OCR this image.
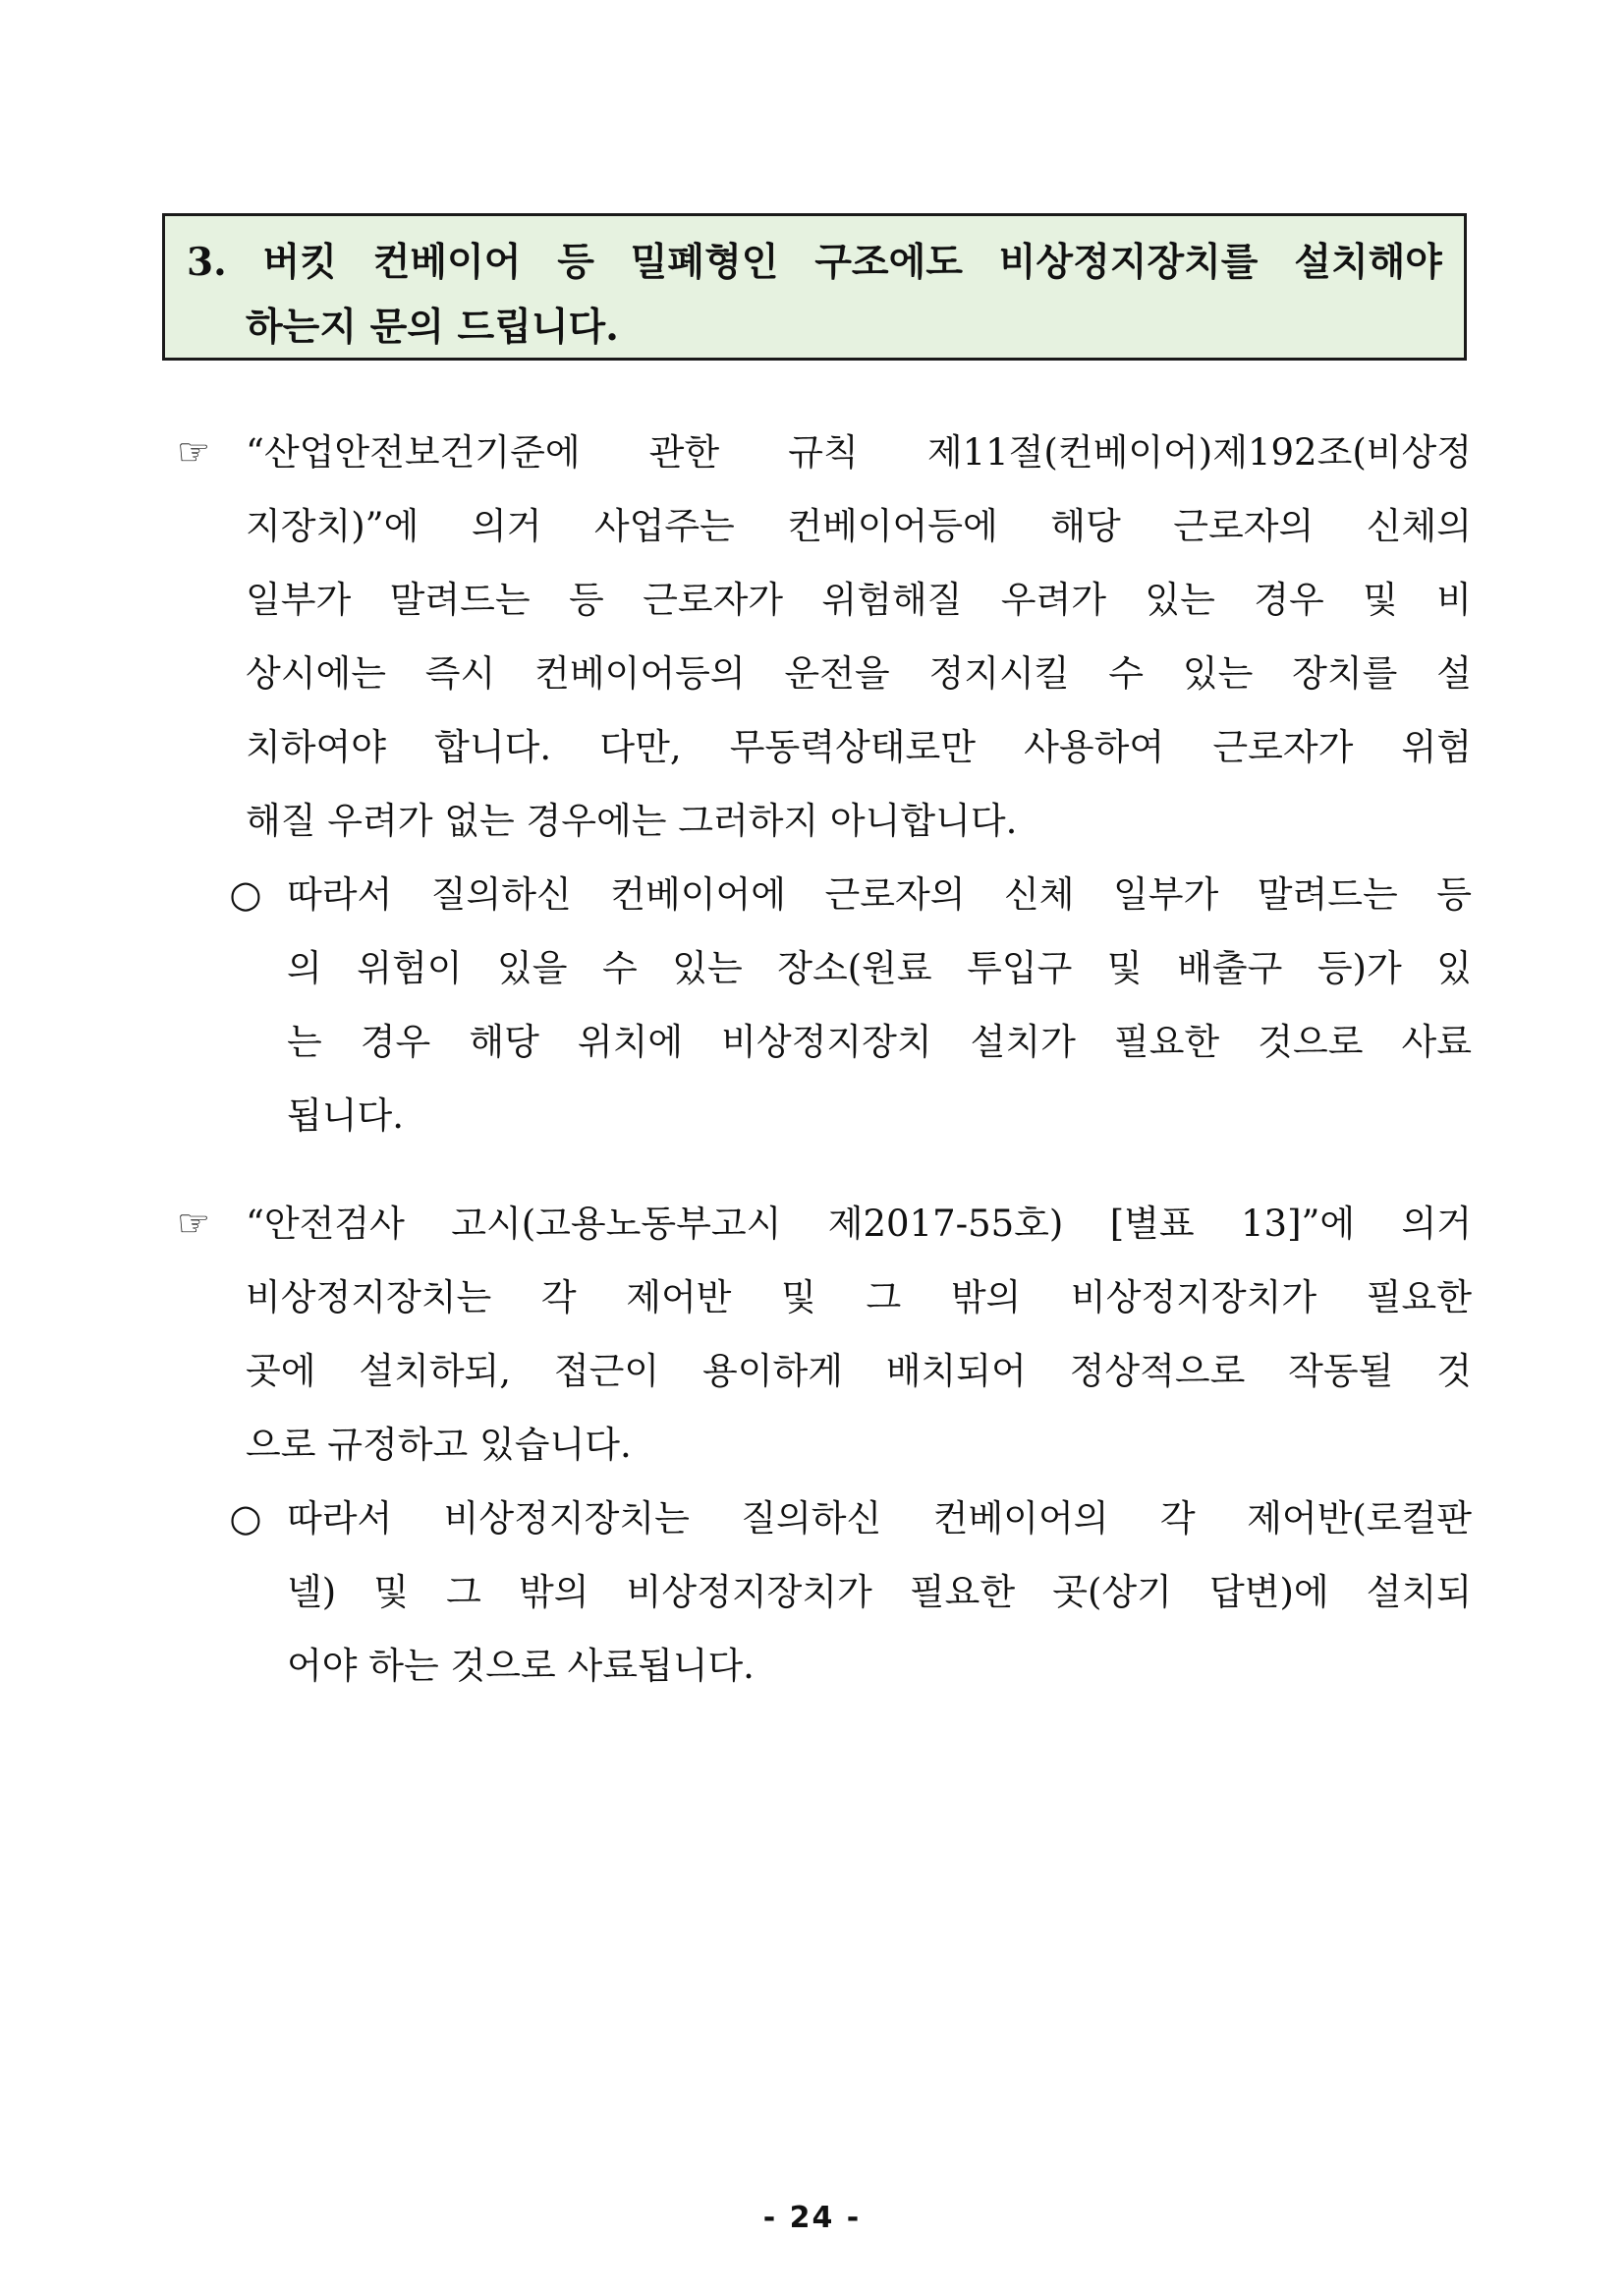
3. 버킷 컨베이어 등 밀폐형인 구조에도 비상정지장치를 설치해야
하는지 문의 드립니다.
☞ “산업안전보건기준에 관한 규칙 제11절(컨베이어)제192조(비상정
지장치)”에 의거 사업주는 컨베이어등에 해당 근로자의 신체의
일부가 말려드는 등 근로자가 위험해질 우려가 있는 경우 및 비
상시에는 즉시 컨베이어등의 운전을 정지시킬 수 있는 장치를 설
치하여야 합니다. 다만, 무동력상태로만 사용하여 근로자가 위험
해질 우려가 없는 경우에는 그러하지 아니합니다.
○ 따라서 질의하신 컨베이어에 근로자의 신체 일부가 말려드는 등
의 위험이 있을 수 있는 장소(원료 투입구 및 배출구 등)가 있
는 경우 해당 위치에 비상정지장치 설치가 필요한 것으로 사료
됩니다.
☞ “안전검사 고시(고용노동부고시 제2017-55호) [별표 13]”에 의거
비상정지장치는 각 제어반 및 그 밖의 비상정지장치가 필요한
곳에 설치하되, 접근이 용이하게 배치되어 정상적으로 작동될 것
으로 규정하고 있습니다.
○ 따라서 비상정지장치는 질의하신 컨베이어의 각 제어반(로컬판
넬) 및 그 밖의 비상정지장치가 필요한 곳(상기 답변)에 설치되
어야 하는 것으로 사료됩니다.
- 24 -
